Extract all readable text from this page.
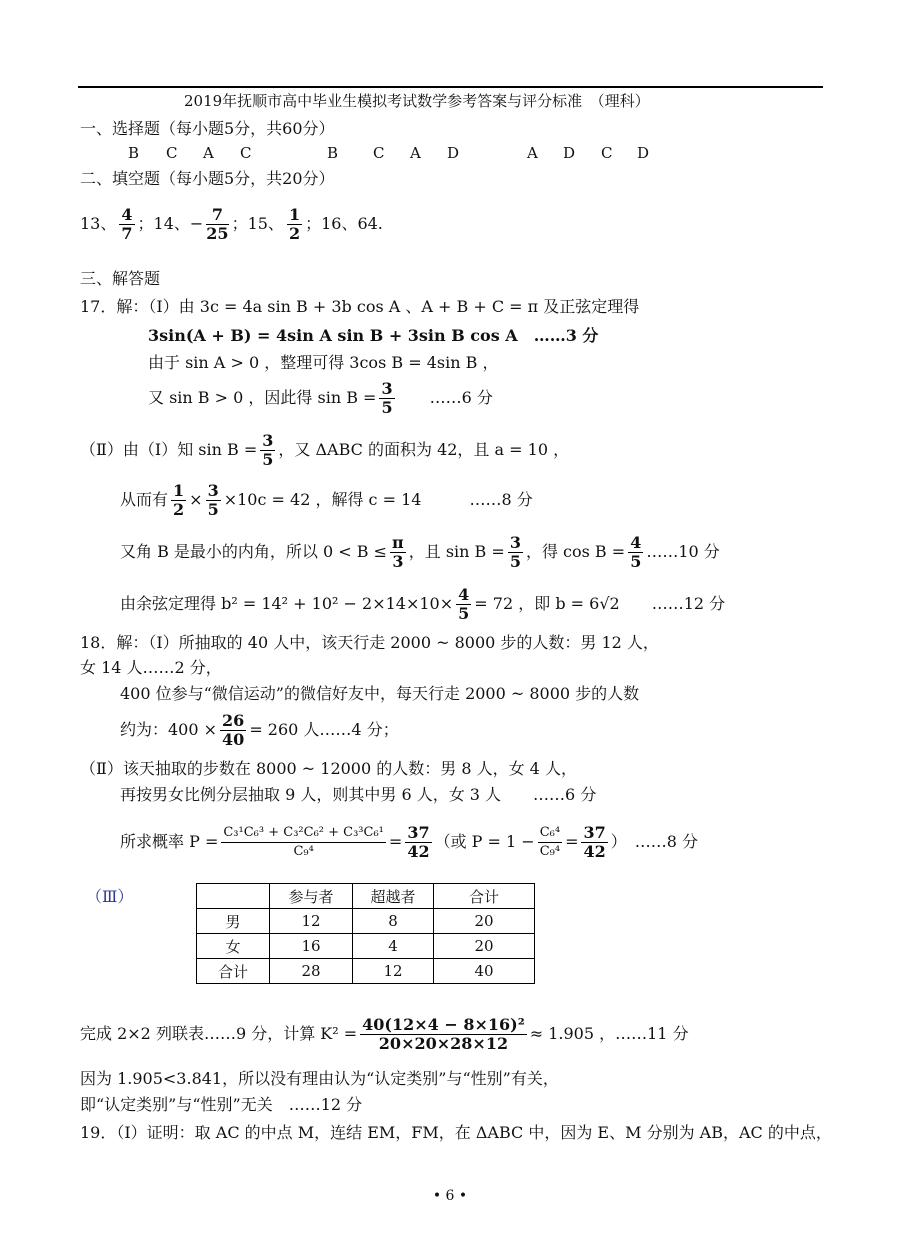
2019年抚顺市高中毕业生模拟考试数学参考答案与评分标准　（理科）
一、选择题（每小题5分，共60分）
B C A C	B C A D	A D C D
二、填空题（每小题5分，共20分）
13、 $\frac{4}{7}$ ；14、− $\frac{7}{25}$ ；15、 $\frac{1}{2}$ ；16、64.
三、解答题
17．解：（Ⅰ）由 3c = 4a sin B + 3b cos A 、A + B + C = π 及正弦定理得
3sin(A + B) = 4sin A sin B + 3sin B cos A　……3 分
由于 sin A > 0 ，整理可得 3cos B = 4sin B ，
又 sin B > 0 ，因此得 $\sin B = \frac{3}{5}$
　　 ……6 分
（Ⅱ）由（Ⅰ）知 $\sin B = \frac{3}{5}$ ，又 ΔABC 的面积为 42，且 a = 10 ，
从而有 $\frac{1}{2} \times \frac{3}{5} \times 10c = 42$ ，解得 c = 14　　　……8 分
又角 B 是最小的内角，所以 $0 < B \le \frac{\pi}{3}$ ，且 $\sin B = \frac{3}{5}$ ，得 $\cos B = \frac{4}{5}$ ……10 分
由余弦定理得 $b^2 = 14^2 + 10^2 - 2\times 14\times 10\times \frac{4}{5} = 72$ ，即 b = 6√2　　……12 分
18．解：（Ⅰ）所抽取的 40 人中，该天行走 2000 ~ 8000 步的人数：男 12 人，
女 14 人……2 分，
400 位参与“微信运动”的微信好友中，每天行走 2000 ~ 8000 步的人数
约为：$400 \times \frac{26}{40} = 260$ 人……4 分；
（Ⅱ）该天抽取的步数在 8000 ~ 12000 的人数：男 8 人，女 4 人，
再按男女比例分层抽取 9 人，则其中男 6 人，女 3 人　　……6 分
所求概率 $P = \frac{\text{C₃¹C₆³ + C₃²C₆² + C₃³C₆¹}}{\text{C₉⁴}} = \frac{37}{42}$ （或 $P = 1 - \frac{\text{C₆⁴}}{\text{C₉⁴}} = \frac{37}{42}$ ）　……8 分
（Ⅲ）
		参与者	超越者	合计
男	12	8	20
女	16	4	20
合计	28	12	40
完成 2×2 列联表……9 分，计算 $K^2 = \frac{\text{40(12×4 − 8×16)²}}{20\times 20\times 28\times 12} \approx 1.905$ ，……11 分
因为 1.905<3.841，所以没有理由认为“认定类别”与“性别”有关，
即“认定类别”与“性别”无关　……12 分
19．（Ⅰ）证明：取 AC 的中点 M，连结 EM，FM，在 ΔABC 中，因为 E、M 分别为 AB，AC 的中点，
• 6 •
